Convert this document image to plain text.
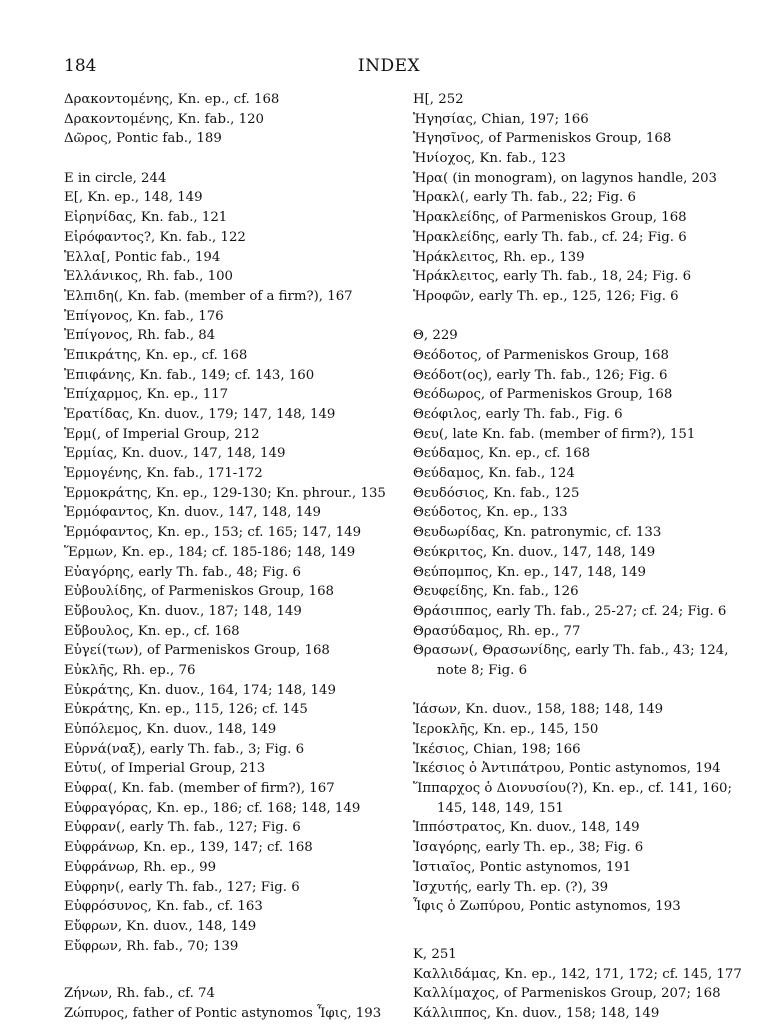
184	INDEX
Δρακοντομένης, Kn. ep., cf. 168
Δρακοντομένης, Kn. fab., 120
Δῶρος, Pontic fab., 189
E in circle, 244
E[, Kn. ep., 148, 149
Εἰρηνίδας, Kn. fab., 121
Εἰρόφαντος?, Kn. fab., 122
Ἑλλα[, Pontic fab., 194
Ἑλλάνικος, Rh. fab., 100
Ἐλπιδη(, Kn. fab. (member of a firm?), 167
Ἐπίγονος, Kn. fab., 176
Ἐπίγονος, Rh. fab., 84
Ἐπικράτης, Kn. ep., cf. 168
Ἐπιφάνης, Kn. fab., 149; cf. 143, 160
Ἐπίχαρμος, Kn. ep., 117
Ἐρατίδας, Kn. duov., 179; 147, 148, 149
Ἑρμ(, of Imperial Group, 212
Ἑρμίας, Kn. duov., 147, 148, 149
Ἑρμογένης, Kn. fab., 171-172
Ἑρμοκράτης, Kn. ep., 129-130; Kn. phrour., 135
Ἑρμόφαντος, Kn. duov., 147, 148, 149
Ἑρμόφαντος, Kn. ep., 153; cf. 165; 147, 149
Ἕρμων, Kn. ep., 184; cf. 185-186; 148, 149
Εὐαγόρης, early Th. fab., 48; Fig. 6
Εὐβουλίδης, of Parmeniskos Group, 168
Εὔβουλος, Kn. duov., 187; 148, 149
Εὔβουλος, Kn. ep., cf. 168
Εὐγεί(των), of Parmeniskos Group, 168
Εὐκλῆς, Rh. ep., 76
Εὐκράτης, Kn. duov., 164, 174; 148, 149
Εὐκράτης, Kn. ep., 115, 126; cf. 145
Εὐπόλεμος, Kn. duov., 148, 149
Εὐρνά(ναξ), early Th. fab., 3; Fig. 6
Εὐτυ(, of Imperial Group, 213
Εὐφρα(, Kn. fab. (member of firm?), 167
Εὐφραγόρας, Kn. ep., 186; cf. 168; 148, 149
Εὐφραν(, early Th. fab., 127; Fig. 6
Εὐφράνωρ, Kn. ep., 139, 147; cf. 168
Εὐφράνωρ, Rh. ep., 99
Εὐφρην(, early Th. fab., 127; Fig. 6
Εὐφρόσυνος, Kn. fab., cf. 163
Εὔφρων, Kn. duov., 148, 149
Εὔφρων, Rh. fab., 70; 139
Ζήνων, Rh. fab., cf. 74
Ζώπυρος, father of Pontic astynomos Ἶφις, 193
H[, 252
Ἡγησίας, Chian, 197; 166
Ἡγησῖνος, of Parmeniskos Group, 168
Ἡνίοχος, Kn. fab., 123
Ἡρα( (in monogram), on lagynos handle, 203
Ἡρακλ(, early Th. fab., 22; Fig. 6
Ἡρακλείδης, of Parmeniskos Group, 168
Ἡρακλείδης, early Th. fab., cf. 24; Fig. 6
Ἡράκλειτος, Rh. ep., 139
Ἡράκλειτος, early Th. fab., 18, 24; Fig. 6
Ἡροφῶν, early Th. ep., 125, 126; Fig. 6
Θ, 229
Θεόδοτος, of Parmeniskos Group, 168
Θεόδοτ(ος), early Th. fab., 126; Fig. 6
Θεόδωρος, of Parmeniskos Group, 168
Θεόφιλος, early Th. fab., Fig. 6
Θευ(, late Kn. fab. (member of firm?), 151
Θεύδαμος, Kn. ep., cf. 168
Θεύδαμος, Kn. fab., 124
Θευδόσιος, Kn. fab., 125
Θεύδοτος, Kn. ep., 133
Θευδωρίδας, Kn. patronymic, cf. 133
Θεύκριτος, Kn. duov., 147, 148, 149
Θεύπομπος, Kn. ep., 147, 148, 149
Θευφείδης, Kn. fab., 126
Θράσιππος, early Th. fab., 25-27; cf. 24; Fig. 6
Θρασύδαμος, Rh. ep., 77
Θρασων(, Θρασωνίδης, early Th. fab., 43; 124,
note 8; Fig. 6
Ἰάσων, Kn. duov., 158, 188; 148, 149
Ἱεροκλῆς, Kn. ep., 145, 150
Ἱκέσιος, Chian, 198; 166
Ἱκέσιος ὁ Ἀντιπάτρου, Pontic astynomos, 194
Ἵππαρχος ὁ Διονυσίου(?), Kn. ep., cf. 141, 160;
145, 148, 149, 151
Ἱππόστρατος, Kn. duov., 148, 149
Ἰσαγόρης, early Th. ep., 38; Fig. 6
Ἱστιαῖος, Pontic astynomos, 191
Ἰσχυτής, early Th. ep. (?), 39
Ἶφις ὁ Ζωπύρου, Pontic astynomos, 193
K, 251
Καλλιδάμας, Kn. ep., 142, 171, 172; cf. 145, 177
Καλλίμαχος, of Parmeniskos Group, 207; 168
Κάλλιππος, Kn. duov., 158; 148, 149
